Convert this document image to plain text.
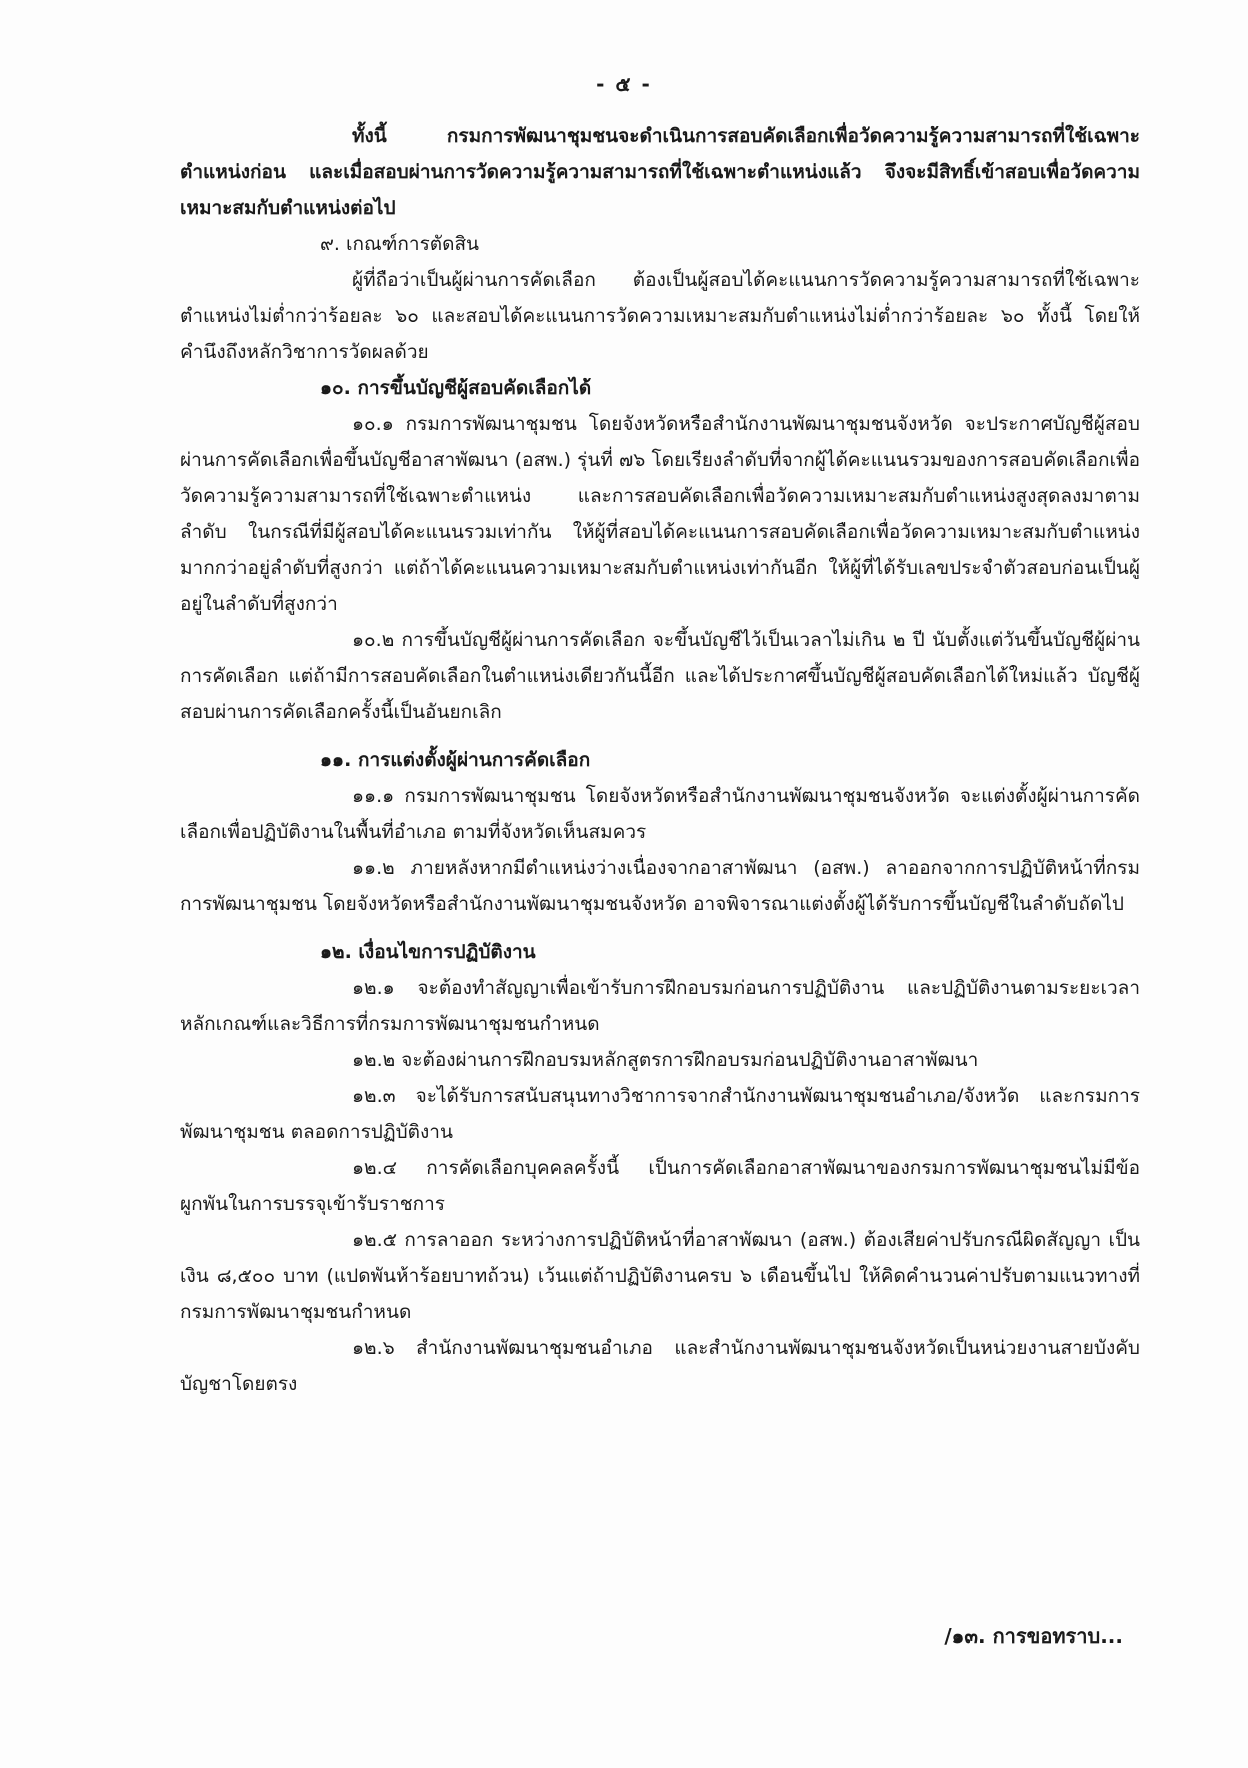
- ๕ -

ทั้งนี้ กรมการพัฒนาชุมชนจะดำเนินการสอบคัดเลือกเพื่อวัดความรู้ความสามารถที่ใช้เฉพาะตำแหน่งก่อน และเมื่อสอบผ่านการวัดความรู้ความสามารถที่ใช้เฉพาะตำแหน่งแล้ว จึงจะมีสิทธิ์เข้าสอบเพื่อวัดความเหมาะสมกับตำแหน่งต่อไป

๙. เกณฑ์การตัดสิน

ผู้ที่ถือว่าเป็นผู้ผ่านการคัดเลือก ต้องเป็นผู้สอบได้คะแนนการวัดความรู้ความสามารถที่ใช้เฉพาะตำแหน่งไม่ต่ำกว่าร้อยละ ๖๐ และสอบได้คะแนนการวัดความเหมาะสมกับตำแหน่งไม่ต่ำกว่าร้อยละ ๖๐ ทั้งนี้ โดยให้คำนึงถึงหลักวิชาการวัดผลด้วย

๑๐. การขึ้นบัญชีผู้สอบคัดเลือกได้

๑๐.๑ กรมการพัฒนาชุมชน โดยจังหวัดหรือสำนักงานพัฒนาชุมชนจังหวัด จะประกาศบัญชีผู้สอบผ่านการคัดเลือกเพื่อขึ้นบัญชีอาสาพัฒนา (อสพ.) รุ่นที่ ๗๖ โดยเรียงลำดับที่จากผู้ได้คะแนนรวมของการสอบคัดเลือกเพื่อวัดความรู้ความสามารถที่ใช้เฉพาะตำแหน่ง และการสอบคัดเลือกเพื่อวัดความเหมาะสมกับตำแหน่งสูงสุดลงมาตามลำดับ ในกรณีที่มีผู้สอบได้คะแนนรวมเท่ากัน ให้ผู้ที่สอบได้คะแนนการสอบคัดเลือกเพื่อวัดความเหมาะสมกับตำแหน่งมากกว่าอยู่ลำดับที่สูงกว่า แต่ถ้าได้คะแนนความเหมาะสมกับตำแหน่งเท่ากันอีก ให้ผู้ที่ได้รับเลขประจำตัวสอบก่อนเป็นผู้อยู่ในลำดับที่สูงกว่า

๑๐.๒ การขึ้นบัญชีผู้ผ่านการคัดเลือก จะขึ้นบัญชีไว้เป็นเวลาไม่เกิน ๒ ปี นับตั้งแต่วันขึ้นบัญชีผู้ผ่านการคัดเลือก แต่ถ้ามีการสอบคัดเลือกในตำแหน่งเดียวกันนี้อีก และได้ประกาศขึ้นบัญชีผู้สอบคัดเลือกได้ใหม่แล้ว บัญชีผู้สอบผ่านการคัดเลือกครั้งนี้เป็นอันยกเลิก

๑๑. การแต่งตั้งผู้ผ่านการคัดเลือก

๑๑.๑ กรมการพัฒนาชุมชน โดยจังหวัดหรือสำนักงานพัฒนาชุมชนจังหวัด จะแต่งตั้งผู้ผ่านการคัดเลือกเพื่อปฏิบัติงานในพื้นที่อำเภอ ตามที่จังหวัดเห็นสมควร

๑๑.๒ ภายหลังหากมีตำแหน่งว่างเนื่องจากอาสาพัฒนา (อสพ.) ลาออกจากการปฏิบัติหน้าที่กรมการพัฒนาชุมชน โดยจังหวัดหรือสำนักงานพัฒนาชุมชนจังหวัด อาจพิจารณาแต่งตั้งผู้ได้รับการขึ้นบัญชีในลำดับถัดไป

๑๒. เงื่อนไขการปฏิบัติงาน

๑๒.๑ จะต้องทำสัญญาเพื่อเข้ารับการฝึกอบรมก่อนการปฏิบัติงาน และปฏิบัติงานตามระยะเวลา หลักเกณฑ์และวิธีการที่กรมการพัฒนาชุมชนกำหนด

๑๒.๒ จะต้องผ่านการฝึกอบรมหลักสูตรการฝึกอบรมก่อนปฏิบัติงานอาสาพัฒนา

๑๒.๓ จะได้รับการสนับสนุนทางวิชาการจากสำนักงานพัฒนาชุมชนอำเภอ/จังหวัด และกรมการพัฒนาชุมชน ตลอดการปฏิบัติงาน

๑๒.๔ การคัดเลือกบุคคลครั้งนี้ เป็นการคัดเลือกอาสาพัฒนาของกรมการพัฒนาชุมชนไม่มีข้อผูกพันในการบรรจุเข้ารับราชการ

๑๒.๕ การลาออก ระหว่างการปฏิบัติหน้าที่อาสาพัฒนา (อสพ.) ต้องเสียค่าปรับกรณีผิดสัญญา เป็นเงิน ๘,๕๐๐ บาท (แปดพันห้าร้อยบาทถ้วน) เว้นแต่ถ้าปฏิบัติงานครบ ๖ เดือนขึ้นไป ให้คิดคำนวนค่าปรับตามแนวทางที่กรมการพัฒนาชุมชนกำหนด

๑๒.๖ สำนักงานพัฒนาชุมชนอำเภอ และสำนักงานพัฒนาชุมชนจังหวัดเป็นหน่วยงานสายบังคับบัญชาโดยตรง

/๑๓. การขอทราบ...
